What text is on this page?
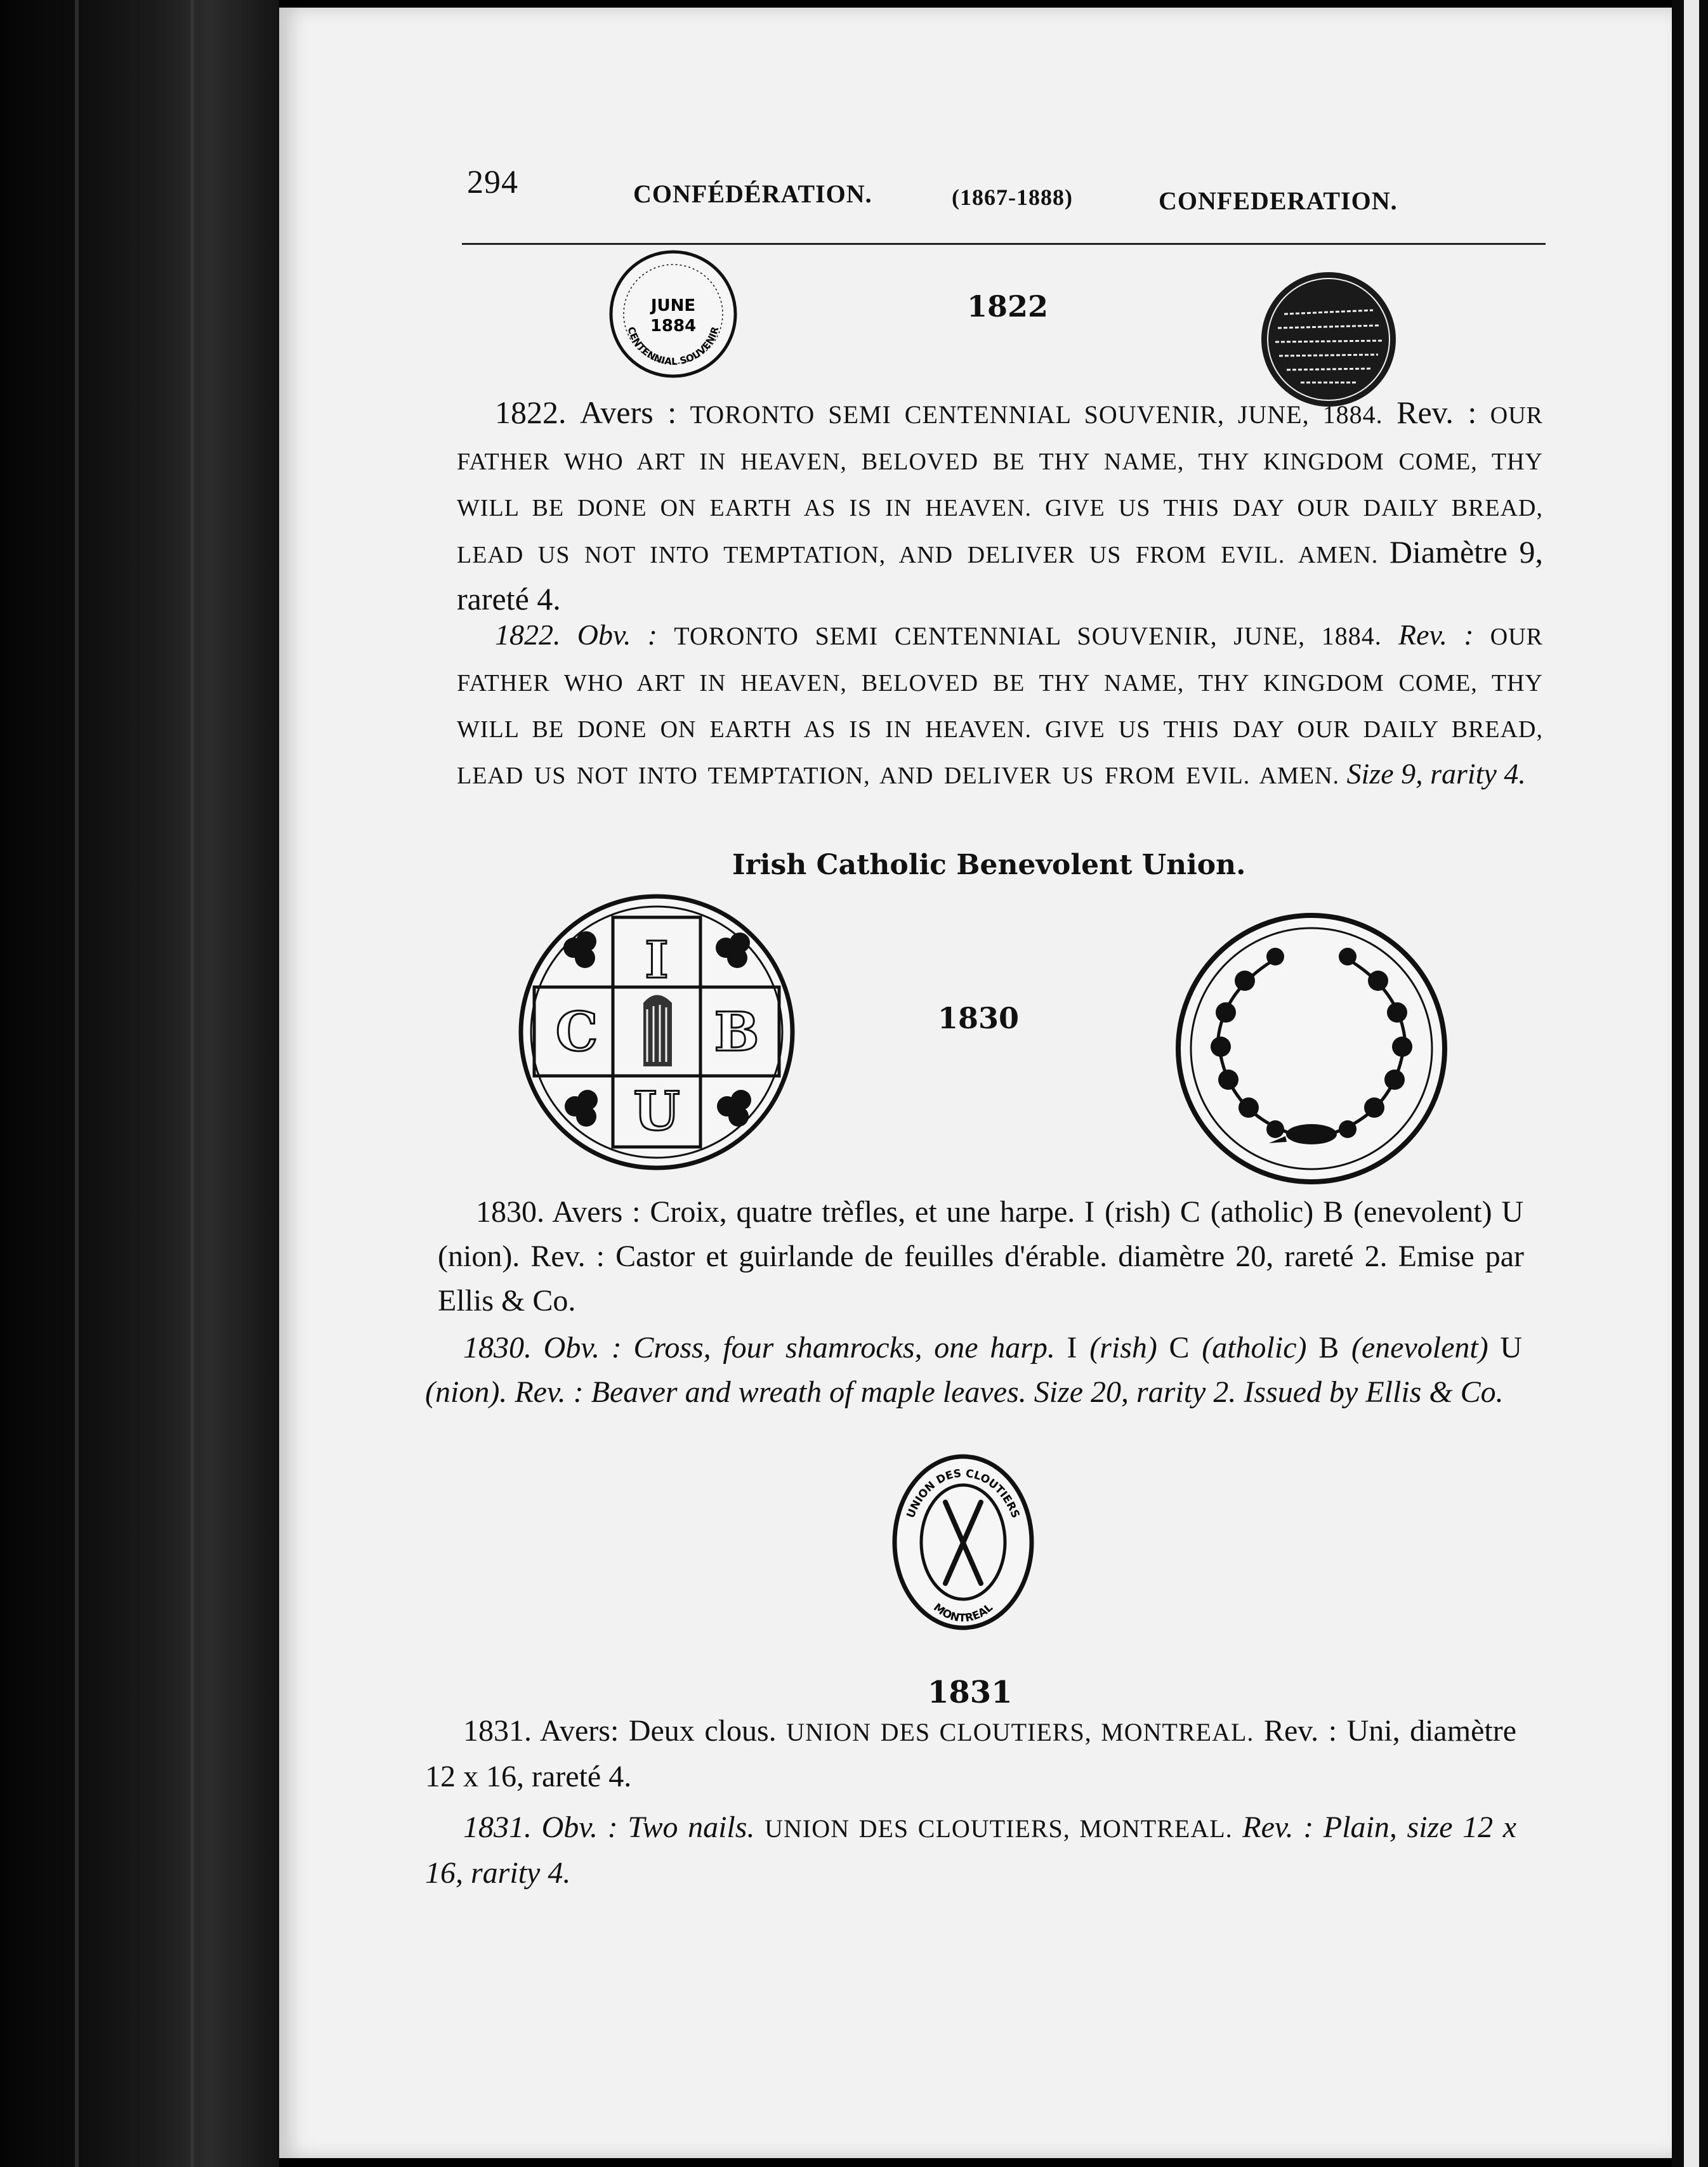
294	CONFÉDÉRATION.	(1867-1888)	CONFEDERATION.
JUNE
1884
CENTENNIAL SOUVENIR
1822
1822. Avers : TORONTO SEMI CENTENNIAL SOUVENIR, JUNE, 1884. Rev. : OUR FATHER WHO ART IN HEAVEN, BELOVED BE THY NAME, THY KINGDOM COME, THY WILL BE DONE ON EARTH AS IS IN HEAVEN. GIVE US THIS DAY OUR DAILY BREAD, LEAD US NOT INTO TEMPTATION, AND DELIVER US FROM EVIL. AMEN. Diamètre 9, rareté 4.
1822. Obv. : TORONTO SEMI CENTENNIAL SOUVENIR, JUNE, 1884. Rev. : OUR FATHER WHO ART IN HEAVEN, BELOVED BE THY NAME, THY KINGDOM COME, THY WILL BE DONE ON EARTH AS IS IN HEAVEN. GIVE US THIS DAY OUR DAILY BREAD, LEAD US NOT INTO TEMPTATION, AND DELIVER US FROM EVIL. AMEN. Size 9, rarity 4.
Irish Catholic Benevolent Union.
I
C B
U
1830
1830. Avers : Croix, quatre trèfles, et une harpe. I (rish) C (atholic) B (enevolent) U (nion). Rev. : Castor et guirlande de feuilles d'érable. diamètre 20, rareté 2. Emise par Ellis & Co.
1830. Obv. : Cross, four shamrocks, one harp. I (rish) C (atholic) B (enevolent) U (nion). Rev. : Beaver and wreath of maple leaves. Size 20, rarity 2. Issued by Ellis & Co.
UNION DES CLOUTIERS
MONTREAL
1831
1831. Avers: Deux clous. UNION DES CLOUTIERS, MONTREAL. Rev. : Uni, diamètre 12 x 16, rareté 4.
1831. Obv. : Two nails. UNION DES CLOUTIERS, MONTREAL. Rev. : Plain, size 12 x 16, rarity 4.
